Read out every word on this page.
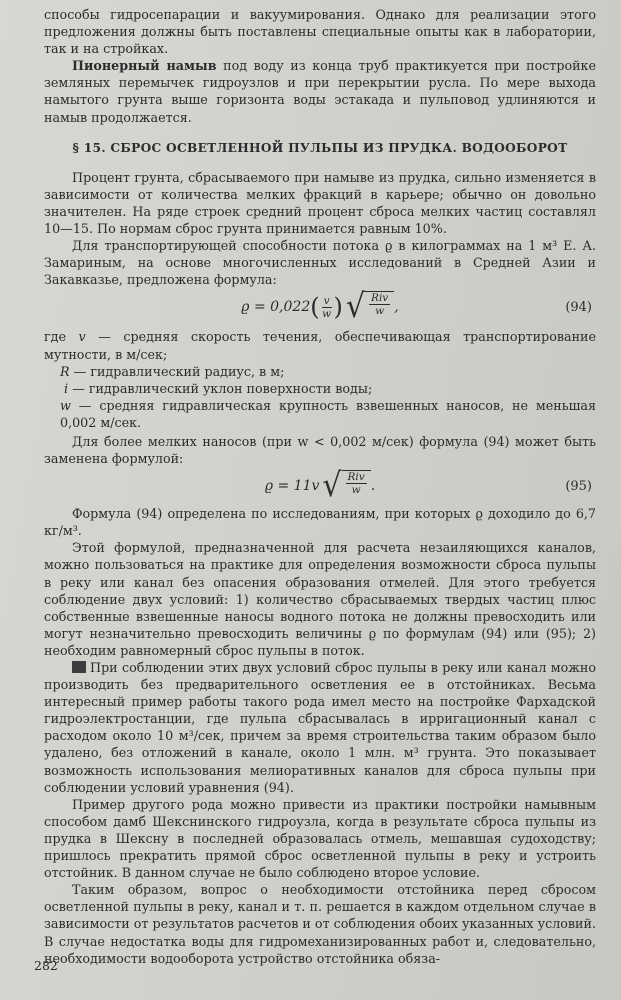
способы гидросепарации и вакуумирования. Однако для реализации этого предложения должны быть поставлены специальные опыты как в лаборатории, так и на стройках.

Пионерный намыв под воду из конца труб практикуется при постройке земляных перемычек гидроузлов и при перекрытии русла. По мере выхода намытого грунта выше горизонта воды эстакада и пульповод удлиняются и намыв продолжается.

§ 15. СБРОС ОСВЕТЛЕННОЙ ПУЛЬПЫ ИЗ ПРУДКА. ВОДООБОРОТ

Процент грунта, сбрасываемого при намыве из прудка, сильно изменяется в зависимости от количества мелких фракций в карьере; обычно он довольно значителен. На ряде строек средний процент сброса мелких частиц составлял 10—15. По нормам сброс грунта принимается равным 10%.

Для транспортирующей способности потока ϱ в килограммах на 1 м³ Е. А. Замариным, на основе многочисленных исследований в Средней Азии и Закавказье, предложена формула:

ϱ = 0,022 ( $\frac{v}{w}$ ) √ $\frac{\text{Riv}}{w}$ ,	(94)
где v — средняя скорость течения, обеспечивающая транспортирование мутности, в м/сек;
R — гидравлический радиус, в м;
i — гидравлический уклон поверхности воды;
w — средняя гидравлическая крупность взвешенных наносов, не меньшая 0,002 м/сек.

Для более мелких наносов (при w < 0,002 м/сек) формула (94) может быть заменена формулой:

ϱ = 11v √ $\frac{\text{Riv}}{w}$ .	(95)

Формула (94) определена по исследованиям, при которых ϱ доходило до 6,7 кг/м³.

Этой формулой, предназначенной для расчета незаиляющихся каналов, можно пользоваться на практике для определения возможности сброса пульпы в реку или канал без опасения образования отмелей. Для этого требуется соблюдение двух условий: 1) количество сбрасываемых твердых частиц плюс собственные взвешенные наносы водного потока не должны превосходить или могут незначительно превосходить величины ϱ по формулам (94) или (95); 2) необходим равномерный сброс пульпы в поток.

При соблюдении этих двух условий сброс пульпы в реку или канал можно производить без предварительного осветления ее в отстойниках. Весьма интересный пример работы такого рода имел место на постройке Фархадской гидроэлектростанции, где пульпа сбрасывалась в ирригационный канал с расходом около 10 м³/сек, причем за время строительства таким образом было удалено, без отложений в канале, около 1 млн. м³ грунта. Это показывает возможность использования мелиоративных каналов для сброса пульпы при соблюдении условий уравнения (94).

Пример другого рода можно привести из практики постройки намывным способом дамб Шекснинского гидроузла, когда в результате сброса пульпы из прудка в Шексну в последней образовалась отмель, мешавшая судоходству; пришлось прекратить прямой сброс осветленной пульпы в реку и устроить отстойник. В данном случае не было соблюдено второе условие.

Таким образом, вопрос о необходимости отстойника перед сбросом осветленной пульпы в реку, канал и т. п. решается в каждом отдельном случае в зависимости от результатов расчетов и от соблюдения обоих указанных условий. В случае недостатка воды для гидромеханизированных работ и, следовательно, необходимости водооборота устройство отстойника обяза-

282
